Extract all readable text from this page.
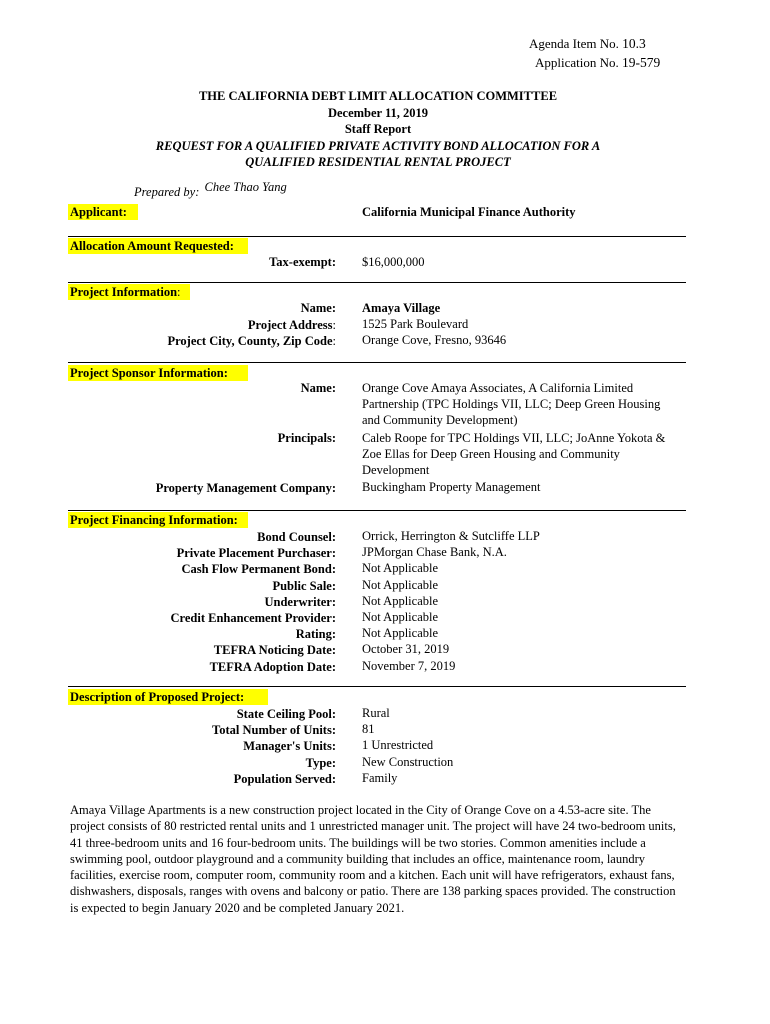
Agenda Item No. 10.3
Application No. 19-579
THE CALIFORNIA DEBT LIMIT ALLOCATION COMMITTEE
December 11, 2019
Staff Report
REQUEST FOR A QUALIFIED PRIVATE ACTIVITY BOND ALLOCATION FOR A
QUALIFIED RESIDENTIAL RENTAL PROJECT
Prepared by: Chee Thao Yang
Applicant:	California Municipal Finance Authority
Allocation Amount Requested:
Tax-exempt: $16,000,000
Project Information:
Name: Amaya Village
Project Address: 1525 Park Boulevard
Project City, County, Zip Code: Orange Cove, Fresno, 93646
Project Sponsor Information:
Name: Orange Cove Amaya Associates, A California Limited Partnership (TPC Holdings VII, LLC; Deep Green Housing and Community Development)
Principals: Caleb Roope for TPC Holdings VII, LLC; JoAnne Yokota & Zoe Ellas for Deep Green Housing and Community Development
Property Management Company: Buckingham Property Management
Project Financing Information:
Bond Counsel: Orrick, Herrington & Sutcliffe LLP
Private Placement Purchaser: JPMorgan Chase Bank, N.A.
Cash Flow Permanent Bond: Not Applicable
Public Sale: Not Applicable
Underwriter: Not Applicable
Credit Enhancement Provider: Not Applicable
Rating: Not Applicable
TEFRA Noticing Date: October 31, 2019
TEFRA Adoption Date: November 7, 2019
Description of Proposed Project:
State Ceiling Pool: Rural
Total Number of Units: 81
Manager's Units: 1 Unrestricted
Type: New Construction
Population Served: Family
Amaya Village Apartments is a new construction project located in the City of Orange Cove on a 4.53-acre site. The project consists of 80 restricted rental units and 1 unrestricted manager unit. The project will have 24 two-bedroom units, 41 three-bedroom units and 16 four-bedroom units. The buildings will be two stories. Common amenities include a swimming pool, outdoor playground and a community building that includes an office, maintenance room, laundry facilities, exercise room, computer room, community room and a kitchen. Each unit will have refrigerators, exhaust fans, dishwashers, disposals, ranges with ovens and balcony or patio. There are 138 parking spaces provided. The construction is expected to begin January 2020 and be completed January 2021.
